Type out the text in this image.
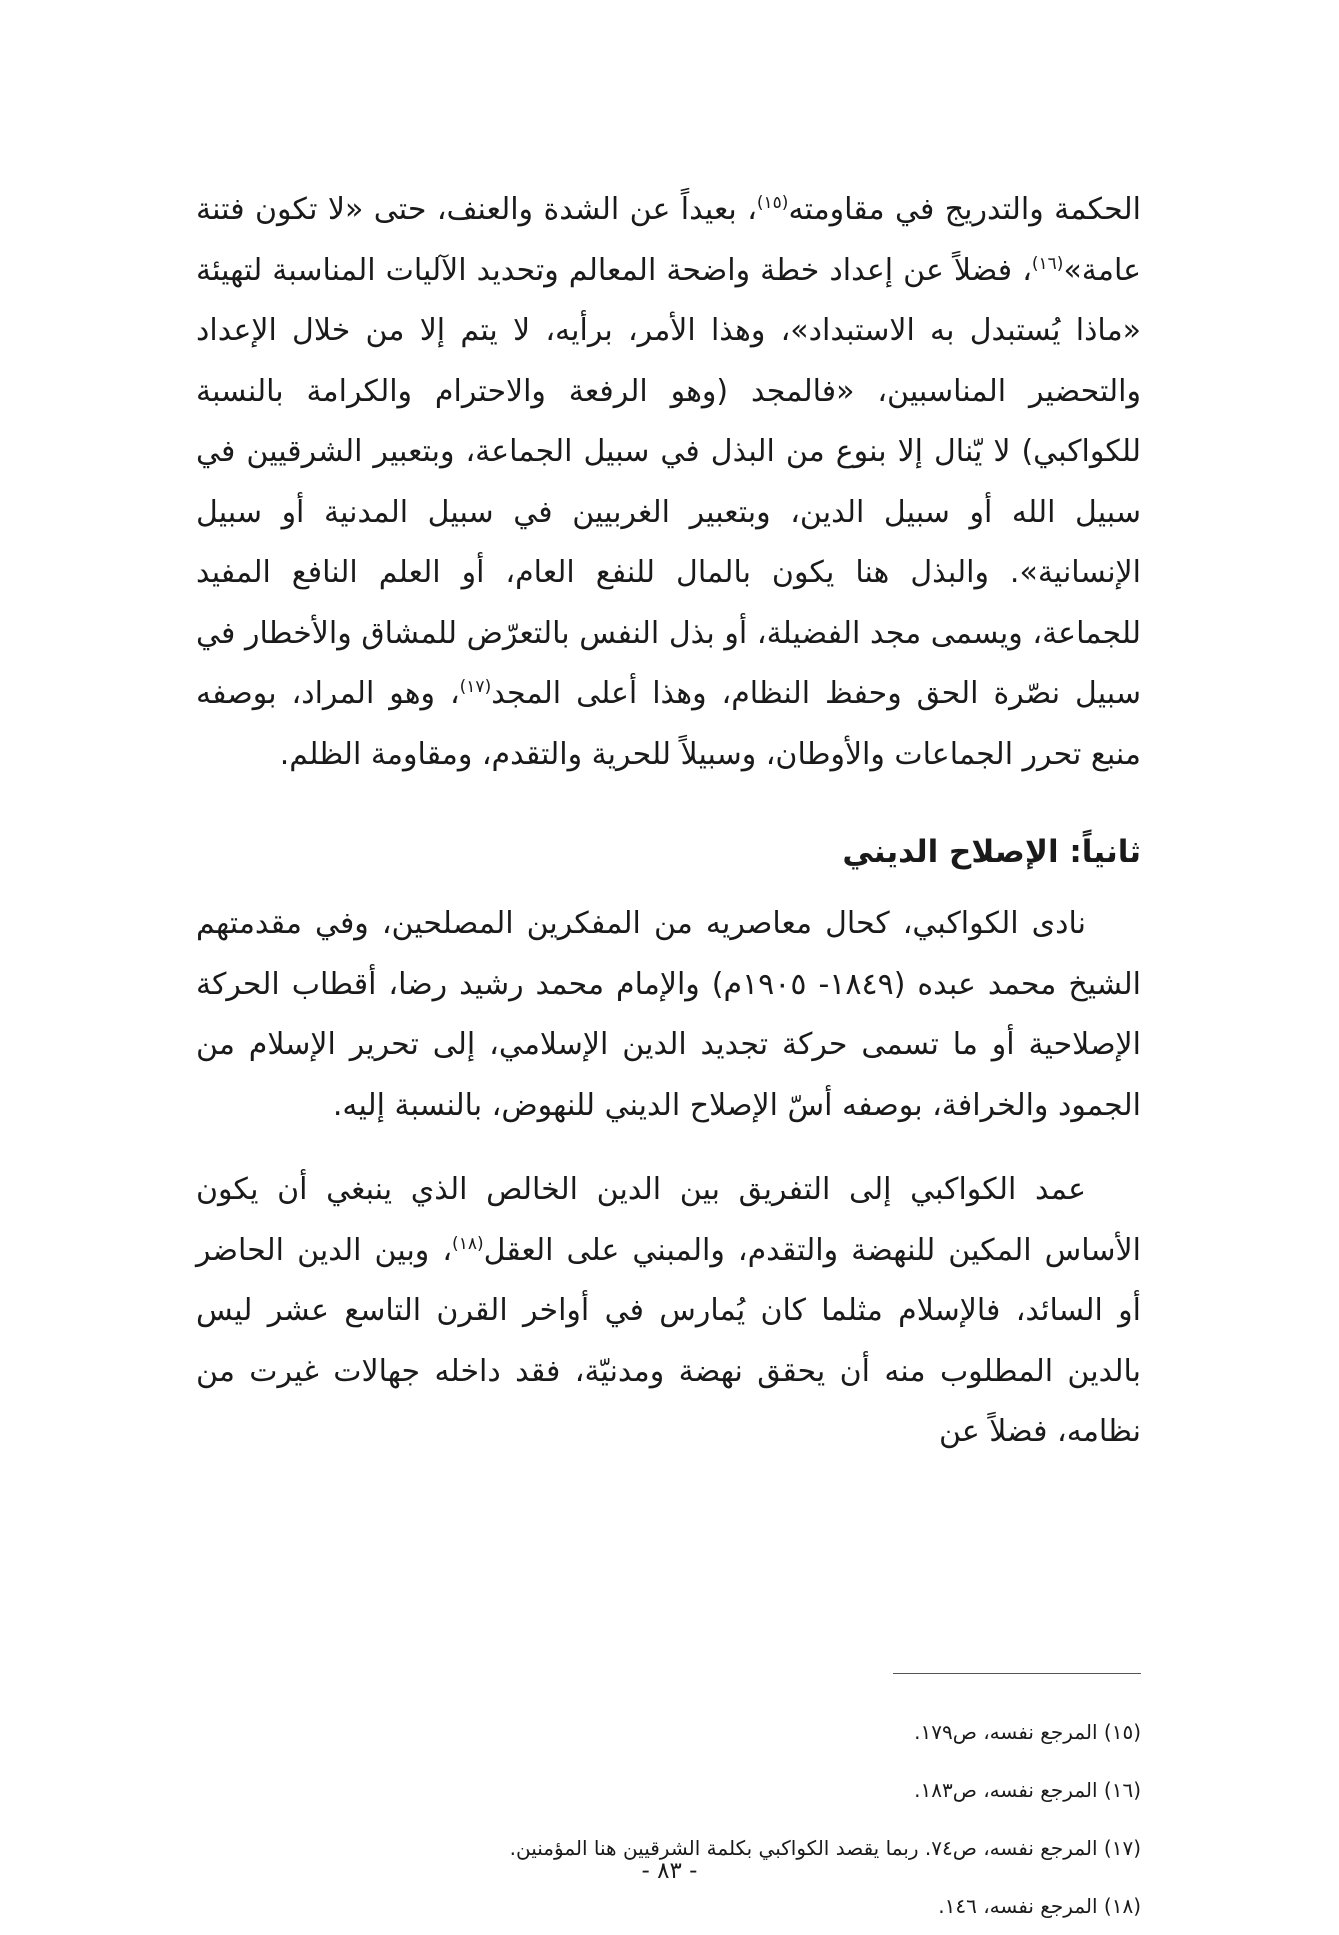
الحكمة والتدريج في مقاومته$^{(١٥)}$، بعيداً عن الشدة والعنف، حتى «لا تكون فتنة عامة»$^{(١٦)}$، فضلاً عن إعداد خطة واضحة المعالم وتحديد الآليات المناسبة لتهيئة «ماذا يُستبدل به الاستبداد»، وهذا الأمر، برأيه، لا يتم إلا من خلال الإعداد والتحضير المناسبين، «فالمجد (وهو الرفعة والاحترام والكرامة بالنسبة للكواكبي) لا يّنال إلا بنوع من البذل في سبيل الجماعة، وبتعبير الشرقيين في سبيل الله أو سبيل الدين، وبتعبير الغربيين في سبيل المدنية أو سبيل الإنسانية». والبذل هنا يكون بالمال للنفع العام، أو العلم النافع المفيد للجماعة، ويسمى مجد الفضيلة، أو بذل النفس بالتعرّض للمشاق والأخطار في سبيل نصّرة الحق وحفظ النظام، وهذا أعلى المجد$^{(١٧)}$، وهو المراد، بوصفه منبع تحرر الجماعات والأوطان، وسبيلاً للحرية والتقدم، ومقاومة الظلم.

ثانياً: الإصلاح الديني

نادى الكواكبي، كحال معاصريه من المفكرين المصلحين، وفي مقدمتهم الشيخ محمد عبده (١٨٤٩- ١٩٠٥م) والإمام محمد رشيد رضا، أقطاب الحركة الإصلاحية أو ما تسمى حركة تجديد الدين الإسلامي، إلى تحرير الإسلام من الجمود والخرافة، بوصفه أسّ الإصلاح الديني للنهوض، بالنسبة إليه.

عمد الكواكبي إلى التفريق بين الدين الخالص الذي ينبغي أن يكون الأساس المكين للنهضة والتقدم، والمبني على العقل$^{(١٨)}$، وبين الدين الحاضر أو السائد، فالإسلام مثلما كان يُمارس في أواخر القرن التاسع عشر ليس بالدين المطلوب منه أن يحقق نهضة ومدنيّة، فقد داخله جهالات غيرت من نظامه، فضلاً عن

(١٥) المرجع نفسه، ص١٧٩.

(١٦) المرجع نفسه، ص١٨٣.

(١٧) المرجع نفسه، ص٧٤. ربما يقصد الكواكبي بكلمة الشرقيين هنا المؤمنين.

(١٨) المرجع نفسه، ١٤٦.

- ٨٣ -
